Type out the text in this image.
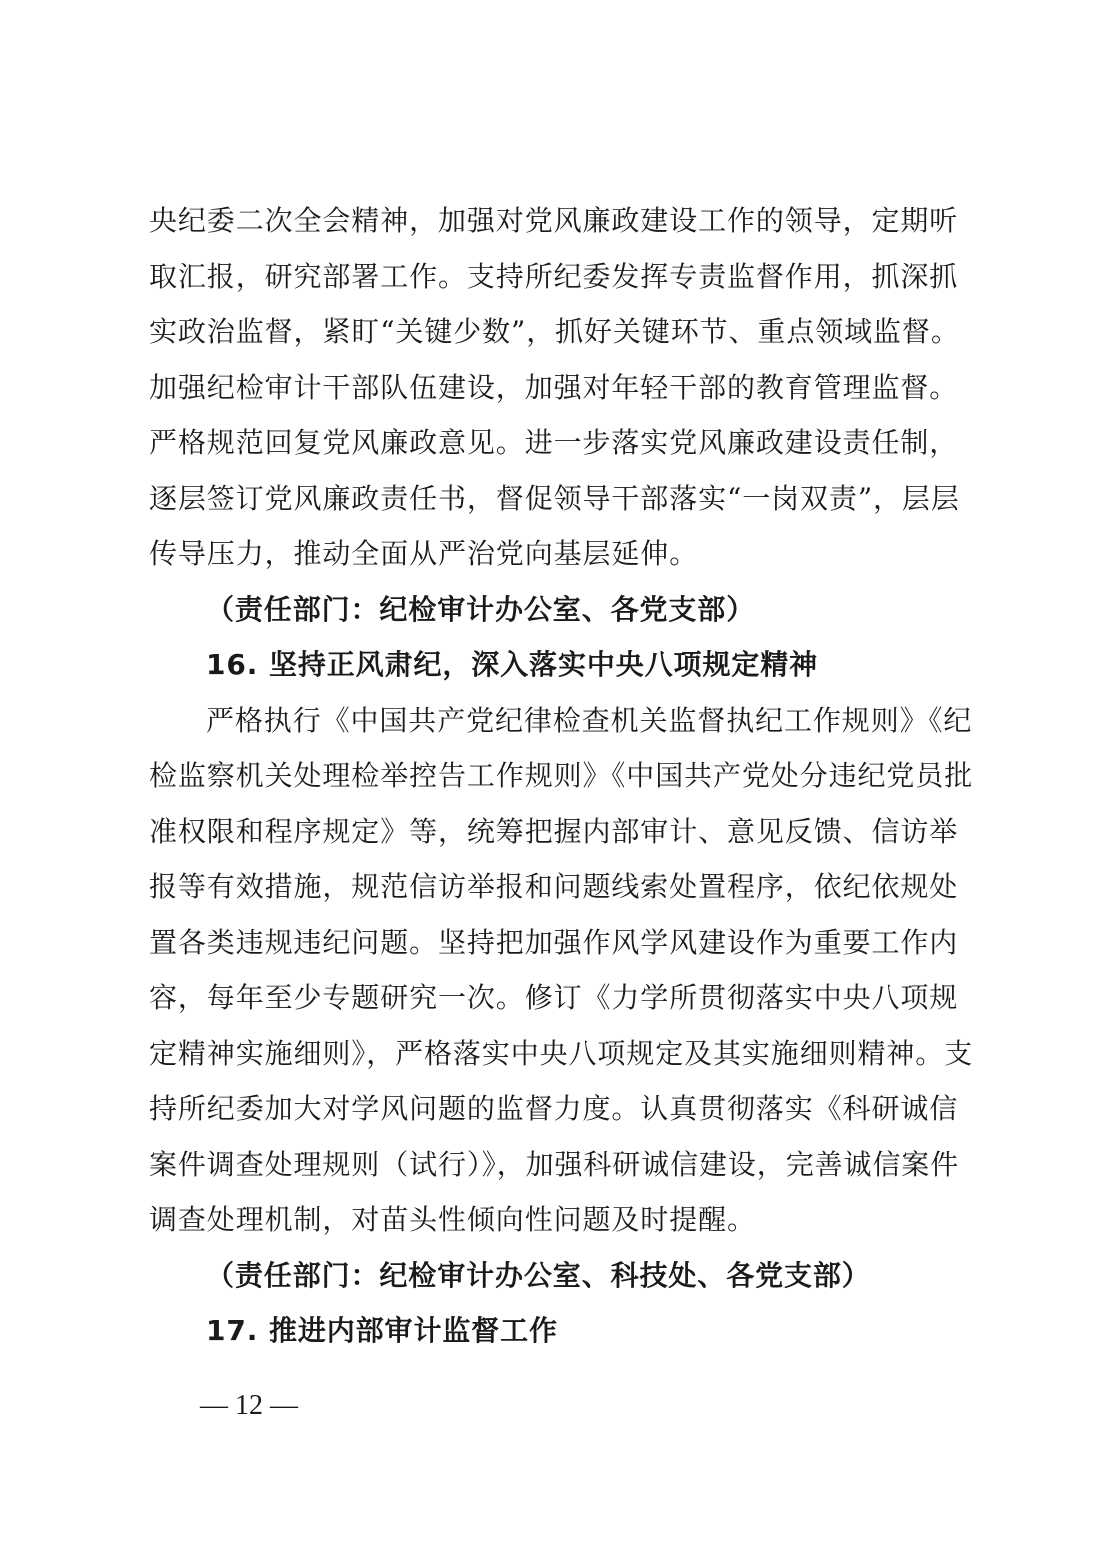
央纪委二次全会精神，加强对党风廉政建设工作的领导，定期听
取汇报，研究部署工作。支持所纪委发挥专责监督作用，抓深抓
实政治监督，紧盯“关键少数”，抓好关键环节、重点领域监督。
加强纪检审计干部队伍建设，加强对年轻干部的教育管理监督。
严格规范回复党风廉政意见。进一步落实党风廉政建设责任制，
逐层签订党风廉政责任书，督促领导干部落实“一岗双责”，层层
传导压力，推动全面从严治党向基层延伸。
（责任部门：纪检审计办公室、各党支部）
16. 坚持正风肃纪，深入落实中央八项规定精神
严格执行《中国共产党纪律检查机关监督执纪工作规则》《纪
检监察机关处理检举控告工作规则》《中国共产党处分违纪党员批
准权限和程序规定》等，统筹把握内部审计、意见反馈、信访举
报等有效措施，规范信访举报和问题线索处置程序，依纪依规处
置各类违规违纪问题。坚持把加强作风学风建设作为重要工作内
容，每年至少专题研究一次。修订《力学所贯彻落实中央八项规
定精神实施细则》，严格落实中央八项规定及其实施细则精神。支
持所纪委加大对学风问题的监督力度。认真贯彻落实《科研诚信
案件调查处理规则（试行）》，加强科研诚信建设，完善诚信案件
调查处理机制，对苗头性倾向性问题及时提醒。
（责任部门：纪检审计办公室、科技处、各党支部）
17. 推进内部审计监督工作
— 12 —
